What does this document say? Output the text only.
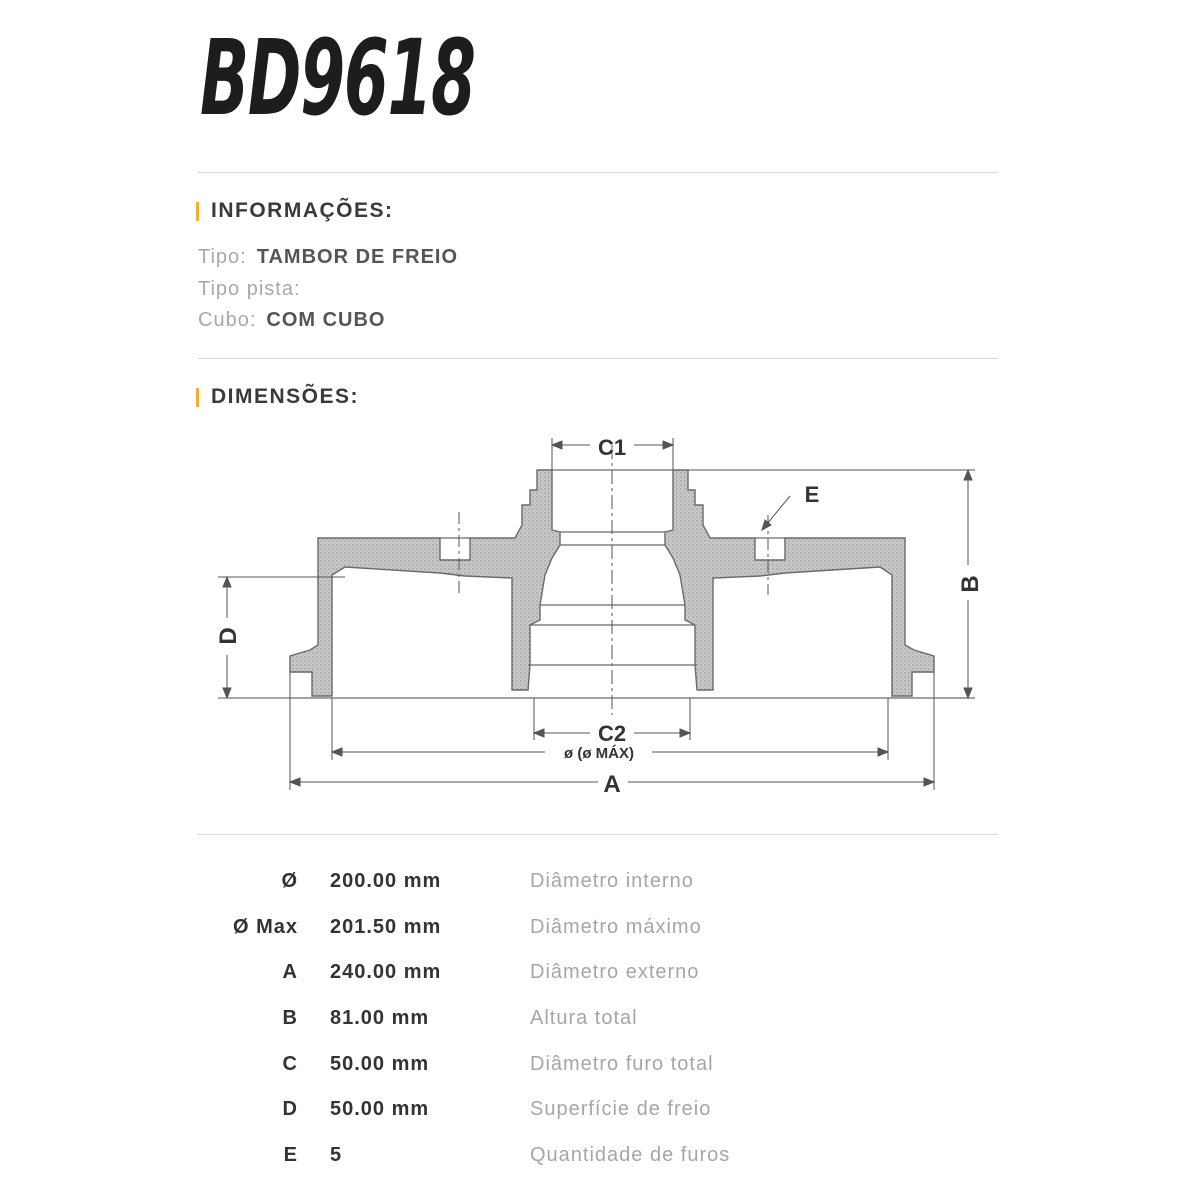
BD9618
INFORMAÇÕES:
Tipo: TAMBOR DE FREIO
Tipo pista:
Cubo: COM CUBO
DIMENSÕES:
C1
E
B
D
C2
ø (ø MÁX)
A
Ø 200.00 mm	Diâmetro interno
Ø Max 201.50 mm	Diâmetro máximo
A 240.00 mm	Diâmetro externo
B 81.00 mm	Altura total
C 50.00 mm	Diâmetro furo total
D 50.00 mm	Superfície de freio
E 5	Quantidade de furos
